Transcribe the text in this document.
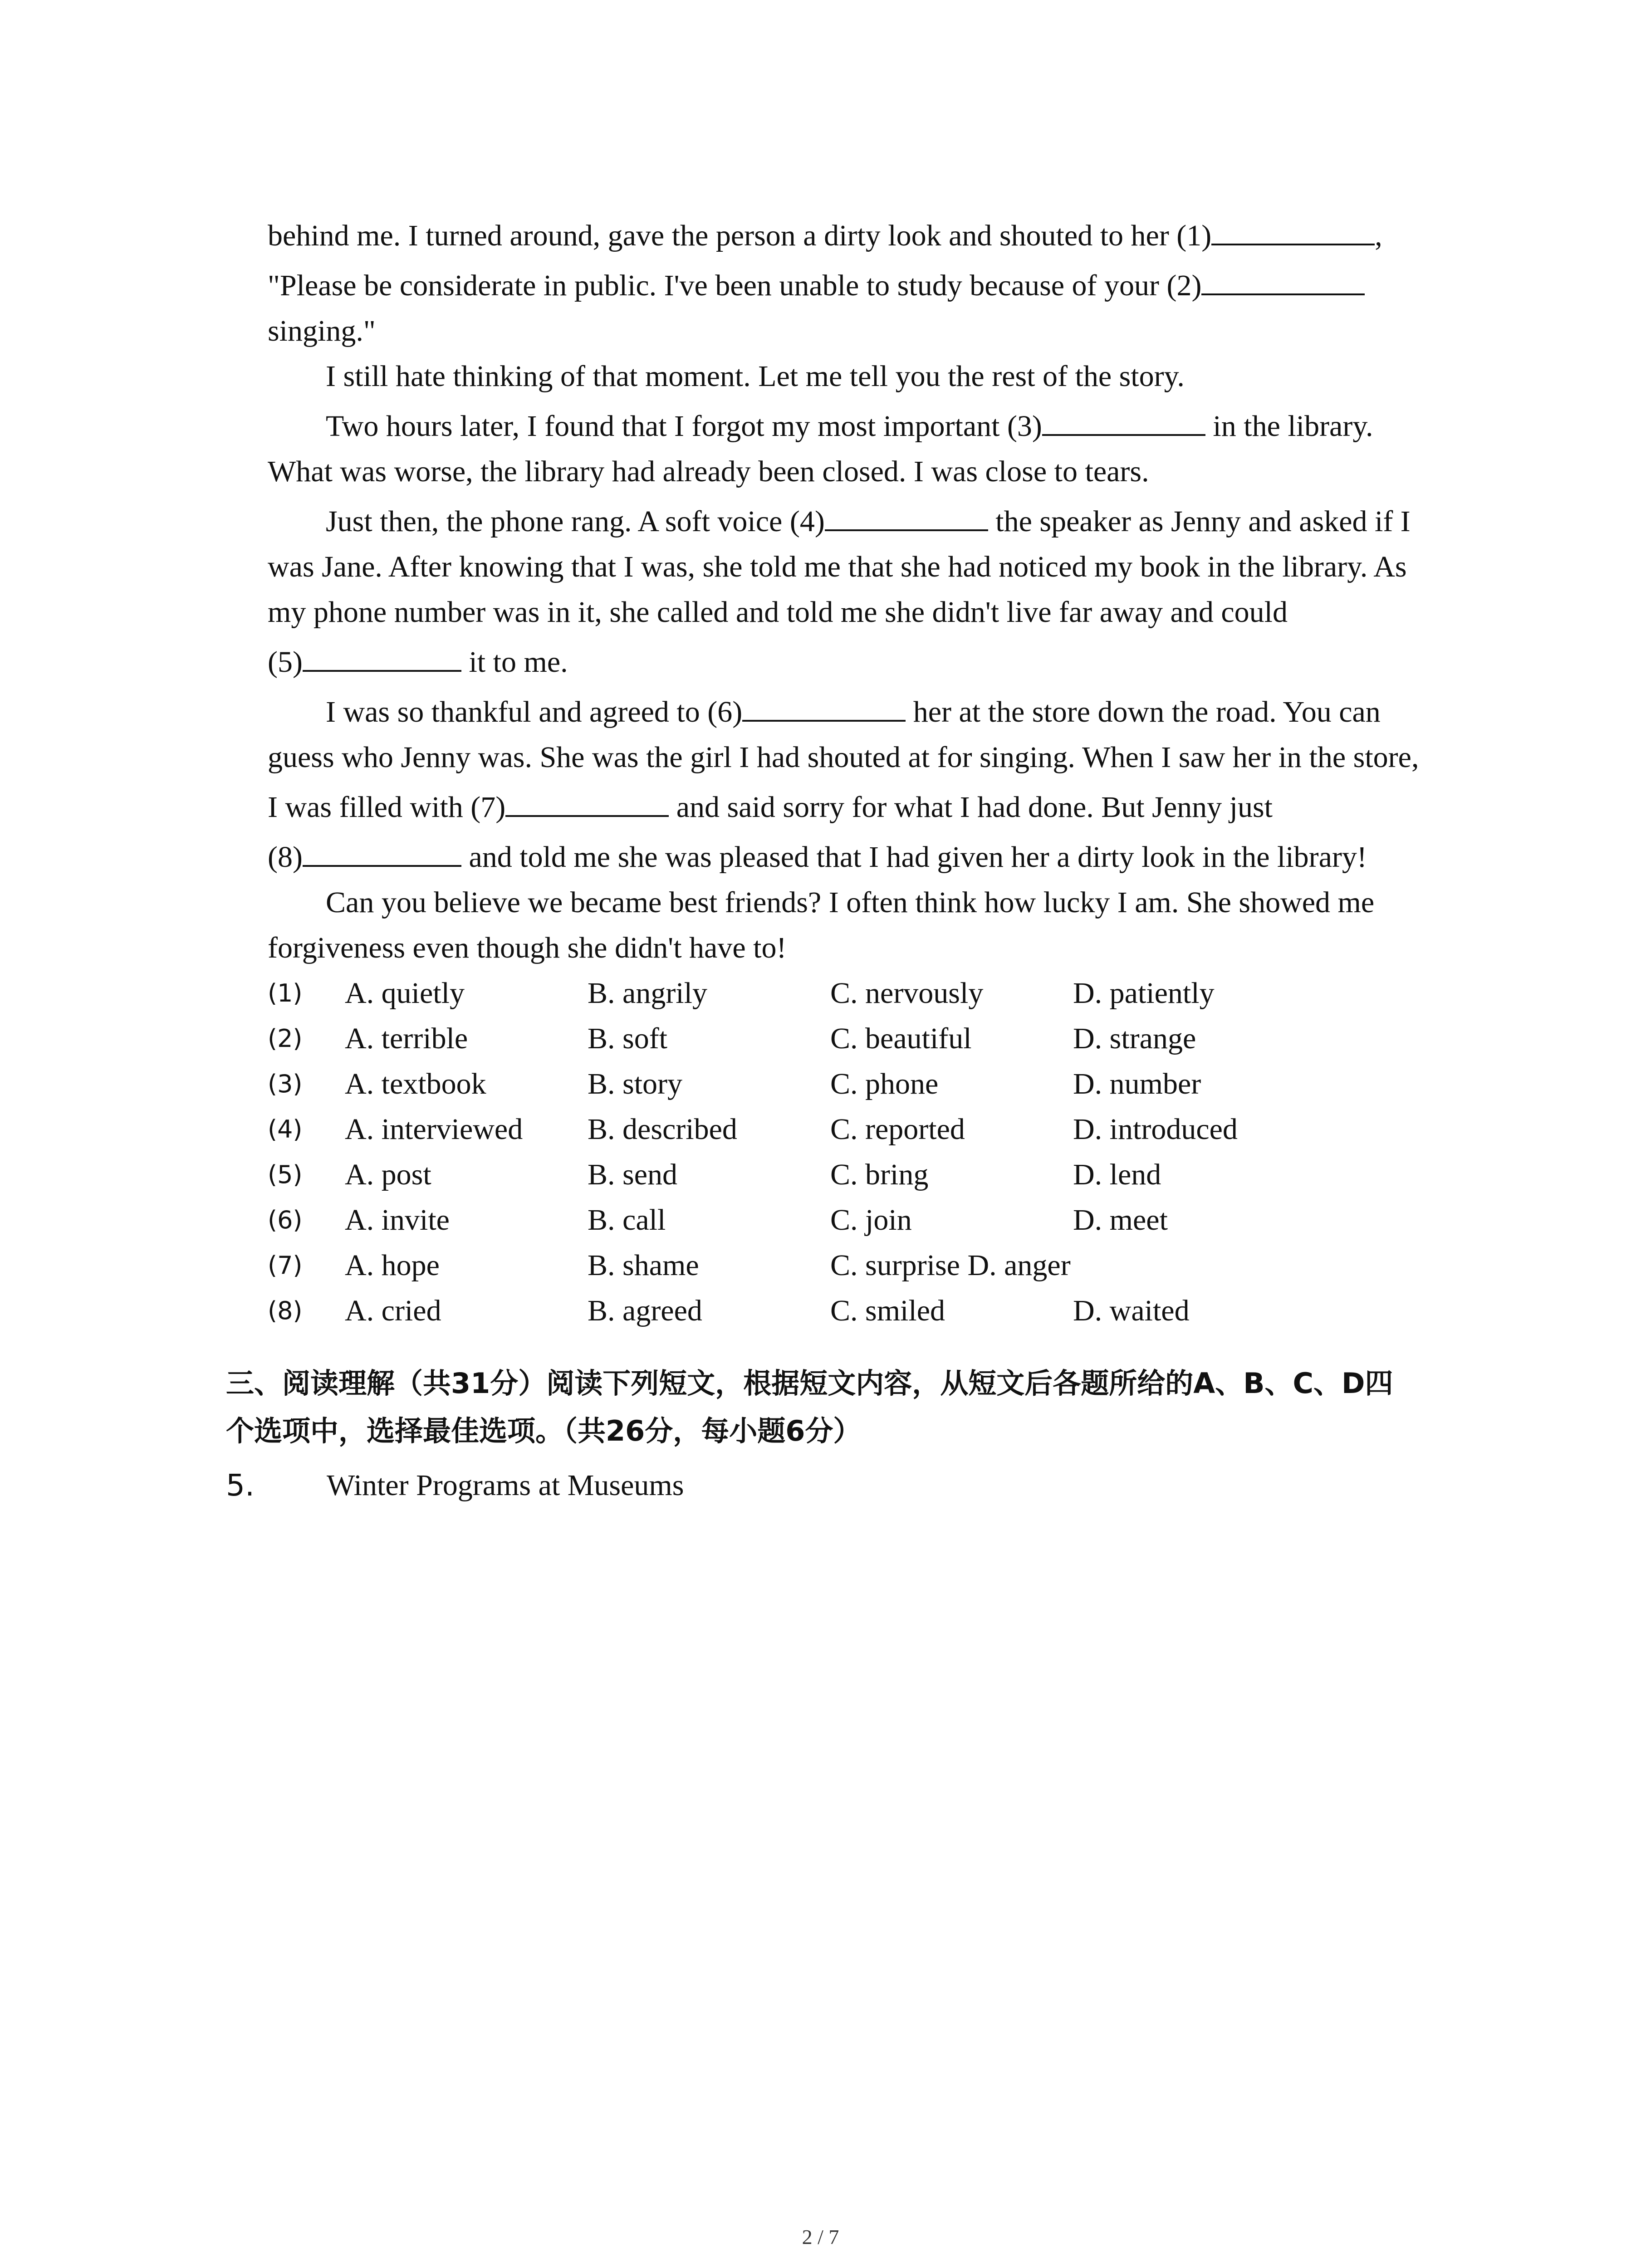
behind me. I turned around, gave the person a dirty look and shouted to her (1)	,
"Please be considerate in public. I've been unable to study because of your (2)
singing."
I still hate thinking of that moment. Let me tell you the rest of the story.
Two hours later, I found that I forgot my most important (3)	in the library.
What was worse, the library had already been closed. I was close to tears.
Just then, the phone rang. A soft voice (4)	the speaker as Jenny and asked if I
was Jane. After knowing that I was, she told me that she had noticed my book in the library. As
my phone number was in it, she called and told me she didn't live far away and could
(5)	it to me.
I was so thankful and agreed to (6)	her at the store down the road. You can
guess who Jenny was. She was the girl I had shouted at for singing. When I saw her in the store,
I was filled with (7)	and said sorry for what I had done. But Jenny just
(8)	and told me she was pleased that I had given her a dirty look in the library!
Can you believe we became best friends? I often think how lucky I am. She showed me
forgiveness even though she didn't have to!
(1) A. quietly	B. angrily	C. nervously	D. patiently
(2) A. terrible	B. soft	C. beautiful	D. strange
(3) A. textbook	B. story	C. phone	D. number
(4) A. interviewed B. described	C. reported	D. introduced
(5) A. post	B. send	C. bring	D. lend
(6) A. invite	B. call	C. join	D. meet
(7) A. hope	B. shame	C. surprise D. anger
(8) A. cried	B. agreed	C. smiled	D. waited
三、阅读理解（共31分）阅读下列短文，根据短文内容，从短文后各题所给的A、B、C、D四
个选项中，选择最佳选项。（共26分，每小题6分）
5. Winter Programs at Museums
2 / 7
